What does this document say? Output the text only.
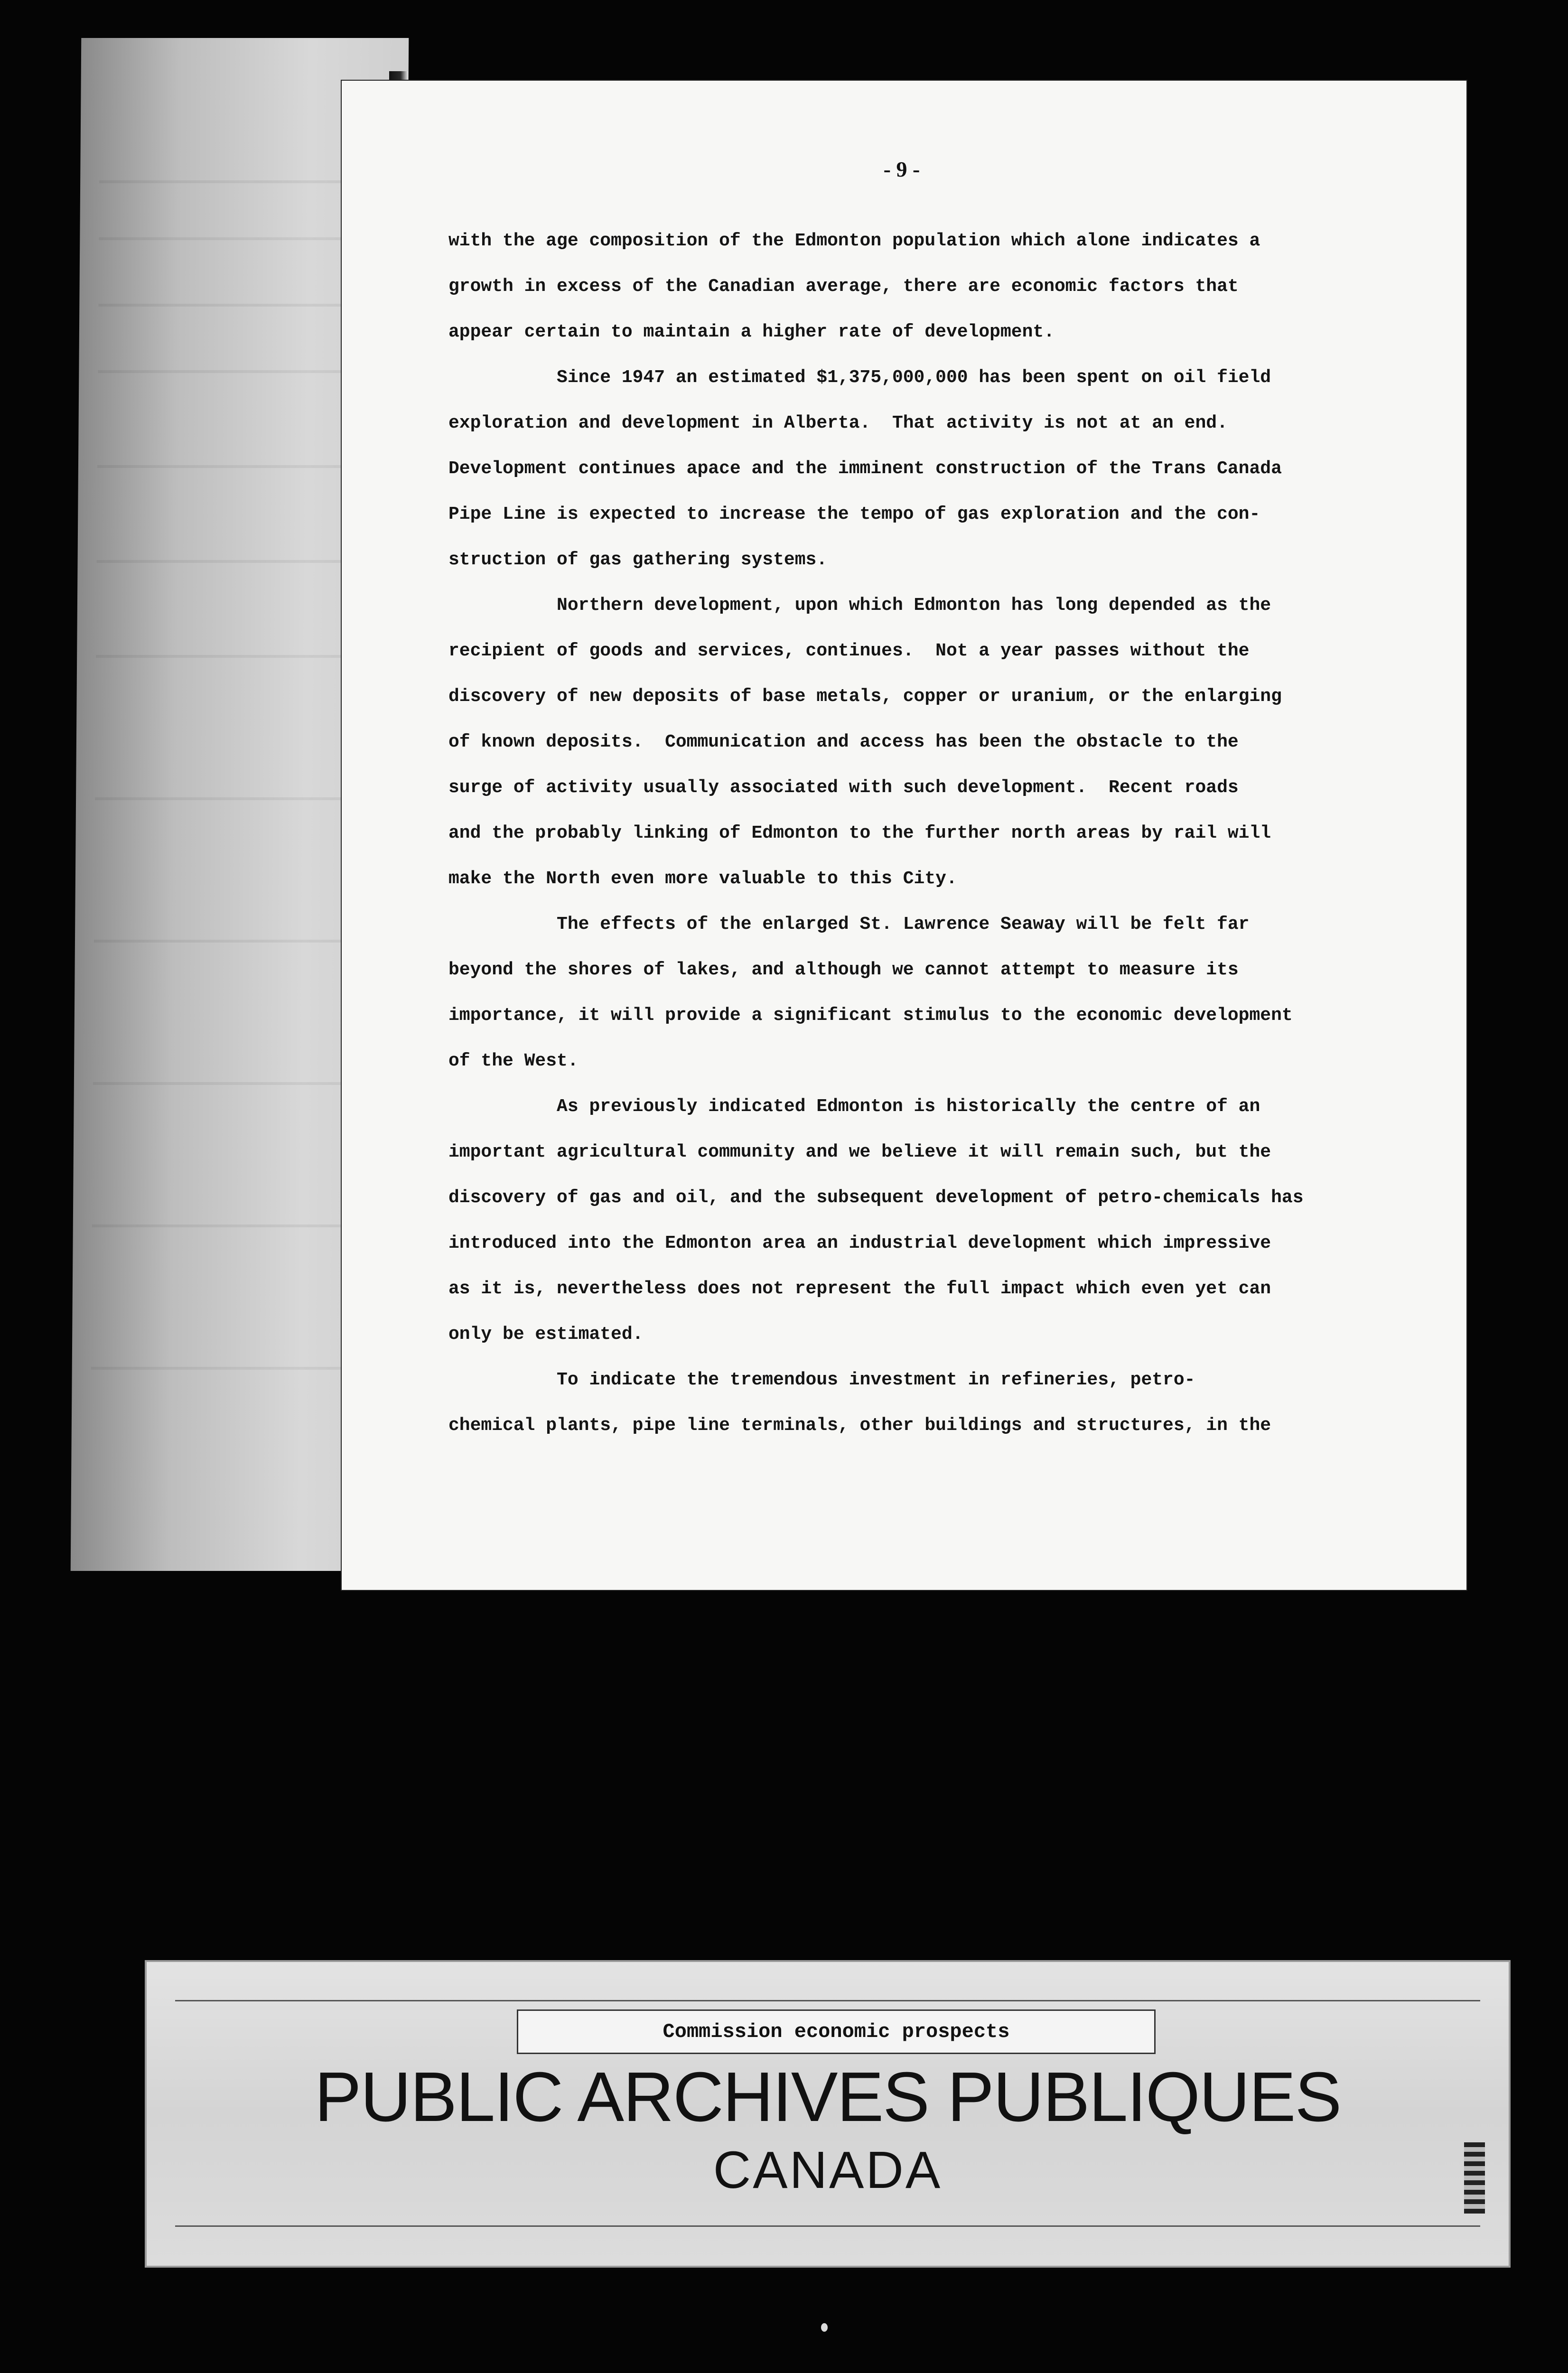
- 9 -
with the age composition of the Edmonton population which alone indicates a
growth in excess of the Canadian average, there are economic factors that
appear certain to maintain a higher rate of development.
Since 1947 an estimated $1,375,000,000 has been spent on oil field
exploration and development in Alberta.  That activity is not at an end.
Development continues apace and the imminent construction of the Trans Canada
Pipe Line is expected to increase the tempo of gas exploration and the con-
struction of gas gathering systems.
Northern development, upon which Edmonton has long depended as the
recipient of goods and services, continues.  Not a year passes without the
discovery of new deposits of base metals, copper or uranium, or the enlarging
of known deposits.  Communication and access has been the obstacle to the
surge of activity usually associated with such development.  Recent roads
and the probably linking of Edmonton to the further north areas by rail will
make the North even more valuable to this City.
The effects of the enlarged St. Lawrence Seaway will be felt far
beyond the shores of lakes, and although we cannot attempt to measure its
importance, it will provide a significant stimulus to the economic development
of the West.
As previously indicated Edmonton is historically the centre of an
important agricultural community and we believe it will remain such, but the
discovery of gas and oil, and the subsequent development of petro-chemicals has
introduced into the Edmonton area an industrial development which impressive
as it is, nevertheless does not represent the full impact which even yet can
only be estimated.
To indicate the tremendous investment in refineries, petro-
chemical plants, pipe line terminals, other buildings and structures, in the
Commission economic prospects
PUBLIC ARCHIVES PUBLIQUES
CANADA
